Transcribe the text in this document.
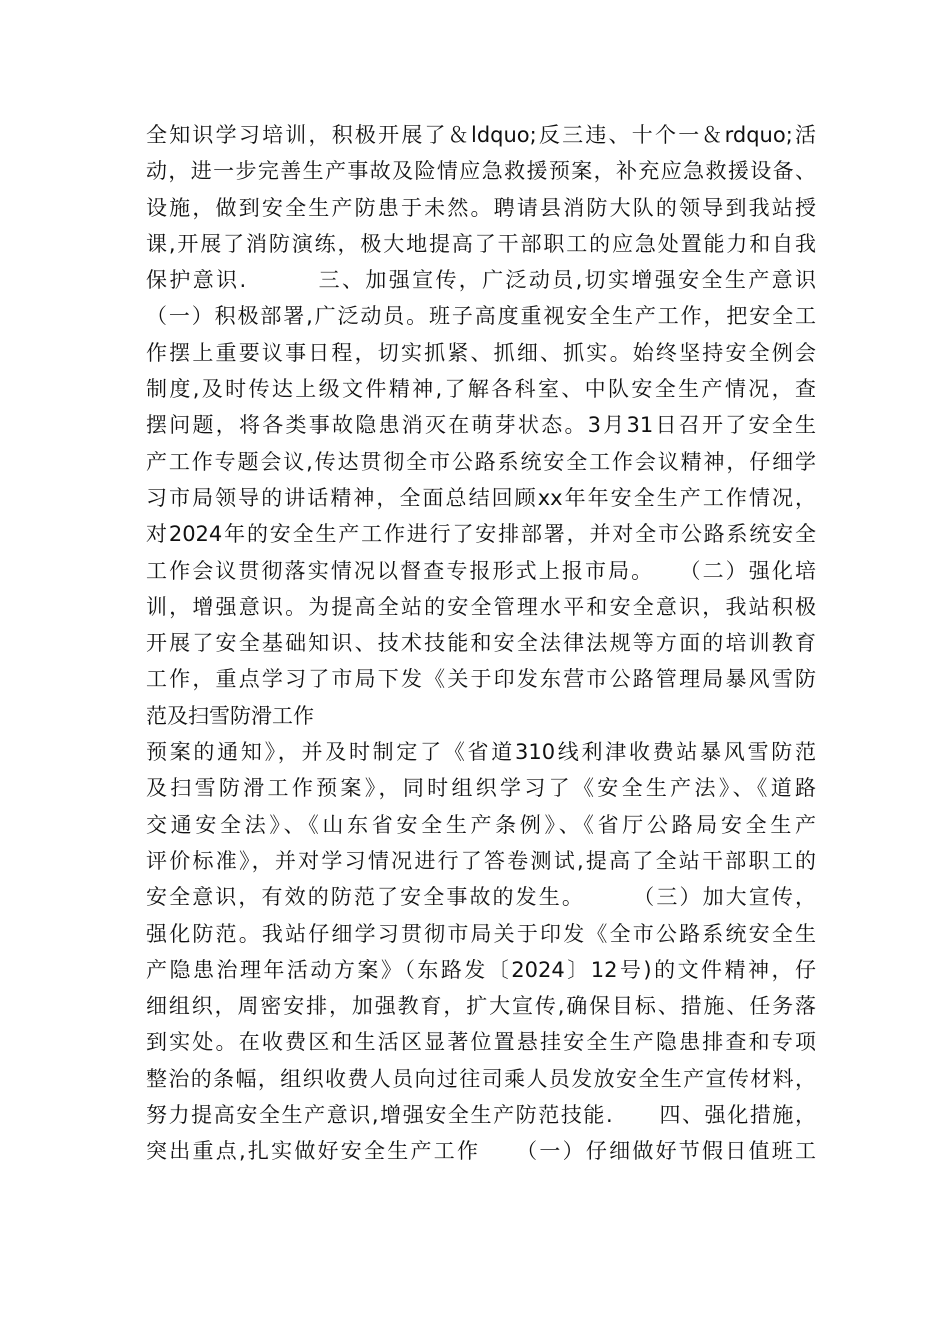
全知识学习培训，积极开展了＆ldquo;反三违、十个一＆rdquo;活
动，进一步完善生产事故及险情应急救援预案，补充应急救援设备、
设施，做到安全生产防患于未然。聘请县消防大队的领导到我站授
课,开展了消防演练，极大地提高了干部职工的应急处置能力和自我
保护意识.　　　三、加强宣传，广泛动员,切实增强安全生产意识
（一）积极部署,广泛动员。班子高度重视安全生产工作，把安全工
作摆上重要议事日程，切实抓紧、抓细、抓实。始终坚持安全例会
制度,及时传达上级文件精神,了解各科室、中队安全生产情况，查
摆问题，将各类事故隐患消灭在萌芽状态。3月31日召开了安全生
产工作专题会议,传达贯彻全市公路系统安全工作会议精神，仔细学
习市局领导的讲话精神，全面总结回顾xx年年安全生产工作情况，
对2024年的安全生产工作进行了安排部署，并对全市公路系统安全
工作会议贯彻落实情况以督查专报形式上报市局。　　（二）强化培
训，增强意识。为提高全站的安全管理水平和安全意识，我站积极
开展了安全基础知识、技术技能和安全法律法规等方面的培训教育
工作，重点学习了市局下发《关于印发东营市公路管理局暴风雪防
范及扫雪防滑工作
预案的通知》，并及时制定了《省道310线利津收费站暴风雪防范
及扫雪防滑工作预案》，同时组织学习了《安全生产法》、《道路
交通安全法》、《山东省安全生产条例》、《省厅公路局安全生产
评价标准》，并对学习情况进行了答卷测试,提高了全站干部职工的
安全意识，有效的防范了安全事故的发生。　　　（三）加大宣传，
强化防范。我站仔细学习贯彻市局关于印发《全市公路系统安全生
产隐患治理年活动方案》（东路发〔2024〕12号)的文件精神，仔
细组织，周密安排，加强教育，扩大宣传,确保目标、措施、任务落
到实处。在收费区和生活区显著位置悬挂安全生产隐患排查和专项
整治的条幅，组织收费人员向过往司乘人员发放安全生产宣传材料，
努力提高安全生产意识,增强安全生产防范技能.　　四、强化措施，
突出重点,扎实做好安全生产工作　　（一）仔细做好节假日值班工
